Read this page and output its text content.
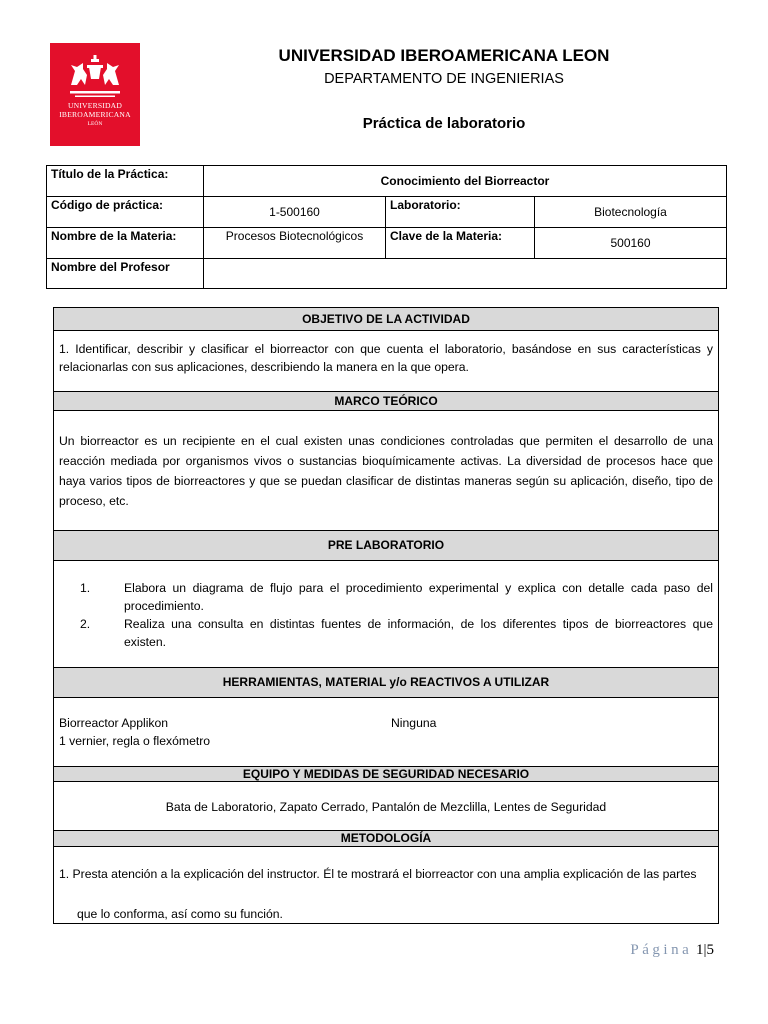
UNIVERSIDAD
IBEROAMERICANA
LEÓN
UNIVERSIDAD IBEROAMERICANA LEON
DEPARTAMENTO DE INGENIERIAS
Práctica de laboratorio
Título de la Práctica:	Conocimiento del Biorreactor		
Código de práctica:	1-500160	Laboratorio:	Biotecnología
Nombre de la Materia:	Procesos Biotecnológicos	Clave de la Materia:	500160
Nombre del Profesor			
OBJETIVO DE LA ACTIVIDAD
1. Identificar, describir y clasificar el biorreactor con que cuenta el laboratorio, basándose en sus características y relacionarlas con sus aplicaciones, describiendo la manera en la que opera.
MARCO TEÓRICO
Un biorreactor es un recipiente en el cual existen unas condiciones controladas que permiten el desarrollo de una reacción mediada por organismos vivos o sustancias bioquímicamente activas. La diversidad de procesos hace que haya varios tipos de biorreactores y que se puedan clasificar de distintas maneras según su aplicación, diseño, tipo de proceso, etc.
PRE LABORATORIO
1.	Elabora un diagrama de flujo para el procedimiento experimental y explica con detalle cada paso del procedimiento.
2.	Realiza una consulta en distintas fuentes de información, de los diferentes tipos de biorreactores que existen.
HERRAMIENTAS, MATERIAL y/o REACTIVOS A UTILIZAR
Biorreactor Applikon
1 vernier, regla o flexómetro
Ninguna
EQUIPO Y MEDIDAS DE SEGURIDAD NECESARIO
Bata de Laboratorio, Zapato Cerrado, Pantalón de Mezclilla, Lentes de Seguridad
METODOLOGÍA
1. Presta atención a la explicación del instructor. Él te mostrará el biorreactor con una amplia explicación de las partes
que lo conforma, así como su función.
Página 1|5
